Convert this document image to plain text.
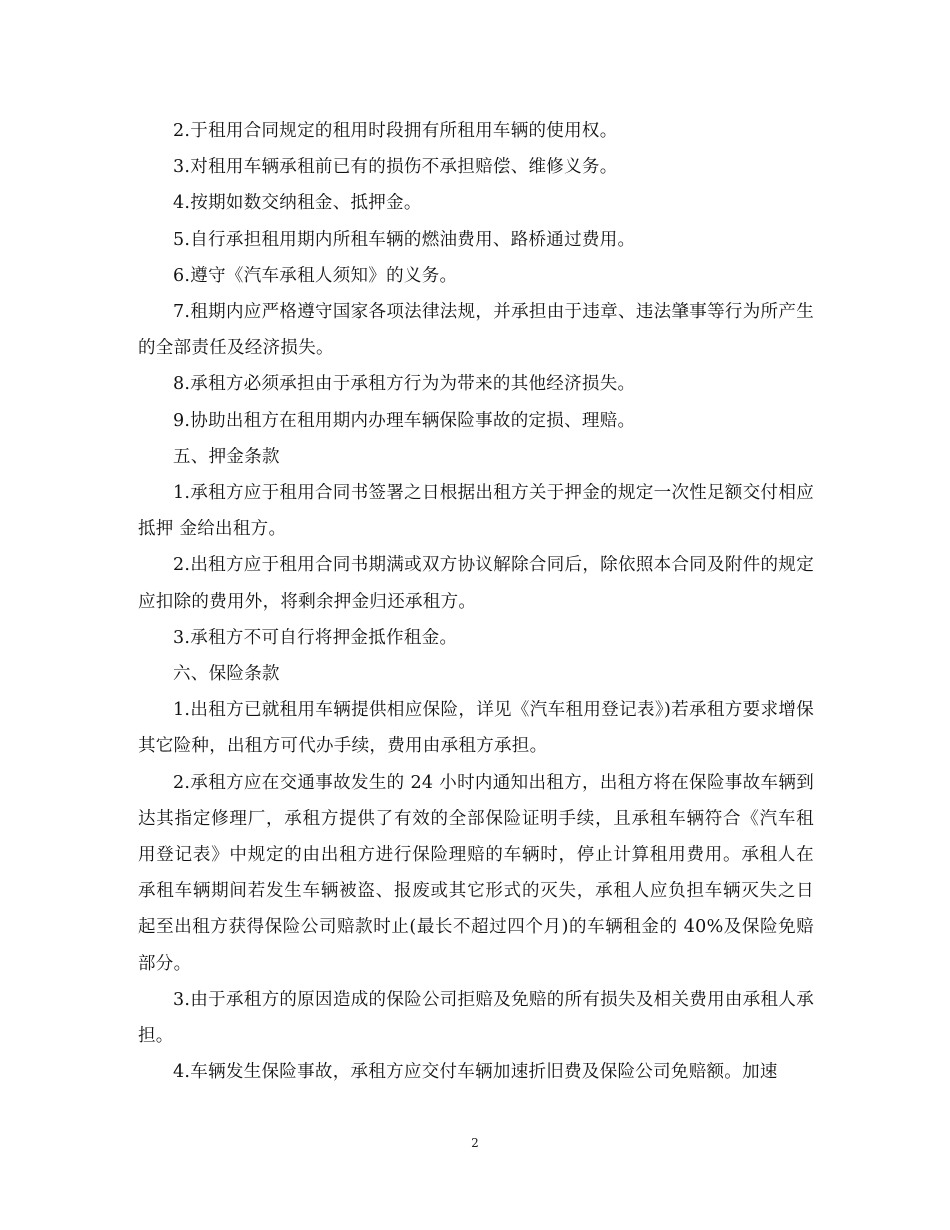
2.于租用合同规定的租用时段拥有所租用车辆的使用权。

3.对租用车辆承租前已有的损伤不承担赔偿、维修义务。

4.按期如数交纳租金、抵押金。

5.自行承担租用期内所租车辆的燃油费用、路桥通过费用。

6.遵守《汽车承租人须知》的义务。

7.租期内应严格遵守国家各项法律法规，并承担由于违章、违法肇事等行为所产生的全部责任及经济损失。

8.承租方必须承担由于承租方行为为带来的其他经济损失。

9.协助出租方在租用期内办理车辆保险事故的定损、理赔。

五、押金条款

1.承租方应于租用合同书签署之日根据出租方关于押金的规定一次性足额交付相应抵押 金给出租方。

2.出租方应于租用合同书期满或双方协议解除合同后，除依照本合同及附件的规定应扣除的费用外，将剩余押金归还承租方。

3.承租方不可自行将押金抵作租金。

六、保险条款

1.出租方已就租用车辆提供相应保险，详见《汽车租用登记表》)若承租方要求增保其它险种，出租方可代办手续，费用由承租方承担。

2.承租方应在交通事故发生的 24 小时内通知出租方，出租方将在保险事故车辆到达其指定修理厂，承租方提供了有效的全部保险证明手续，且承租车辆符合《汽车租用登记表》中规定的由出租方进行保险理赔的车辆时，停止计算租用费用。承租人在承租车辆期间若发生车辆被盗、报废或其它形式的灭失，承租人应负担车辆灭失之日起至出租方获得保险公司赔款时止(最长不超过四个月)的车辆租金的 40%及保险免赔部分。

3.由于承租方的原因造成的保险公司拒赔及免赔的所有损失及相关费用由承租人承担。

4.车辆发生保险事故，承租方应交付车辆加速折旧费及保险公司免赔额。加速

2
